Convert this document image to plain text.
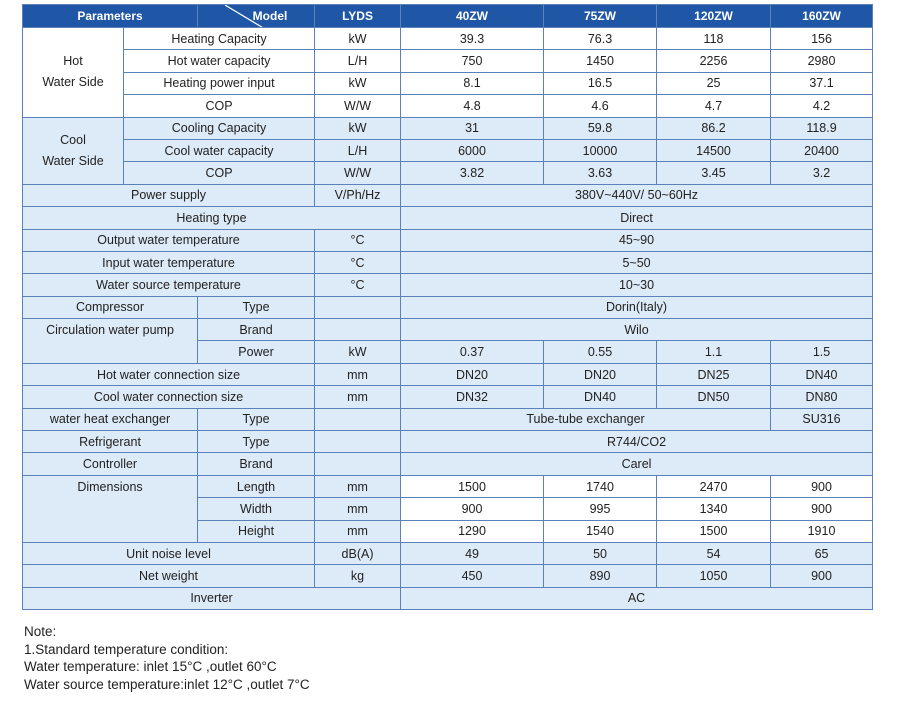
Parameters		Model	LYDS	40ZW	75ZW	120ZW	160ZW
Hot
Water Side	Heating Capacity		kW	39.3	76.3	118	156
	Hot water capacity		L/H	750	1450	2256	2980
	Heating power input		kW	8.1	16.5	25	37.1
	COP		W/W	4.8	4.6	4.7	4.2
Cool
Water Side	Cooling Capacity		kW	31	59.8	86.2	118.9
	Cool water capacity		L/H	6000	10000	14500	20400
	COP		W/W	3.82	3.63	3.45	3.2
Power supply			V/Ph/Hz	380V~440V/ 50~60Hz			
Heating type				Direct			
Output water temperature			°C	45~90			
Input water temperature			°C	5~50			
Water source temperature			°C	10~30			
Compressor		Type		Dorin(Italy)			
Circulation water pump		Brand		Wilo			
		Power	kW	0.37	0.55	1.1	1.5
Hot water connection size			mm	DN20	DN20	DN25	DN40
Cool water connection size			mm	DN32	DN40	DN50	DN80
water heat exchanger		Type		Tube-tube exchanger			SU316
Refrigerant		Type		R744/CO2			
Controller		Brand		Carel			
Dimensions		Length	mm	1500	1740	2470	900
		Width	mm	900	995	1340	900
		Height	mm	1290	1540	1500	1910
Unit noise level			dB(A)	49	50	54	65
Net weight			kg	450	890	1050	900
Inverter				AC			
Note:
1.Standard temperature condition:
Water temperature: inlet 15°C ,outlet 60°C
Water source temperature:inlet 12°C ,outlet 7°C
